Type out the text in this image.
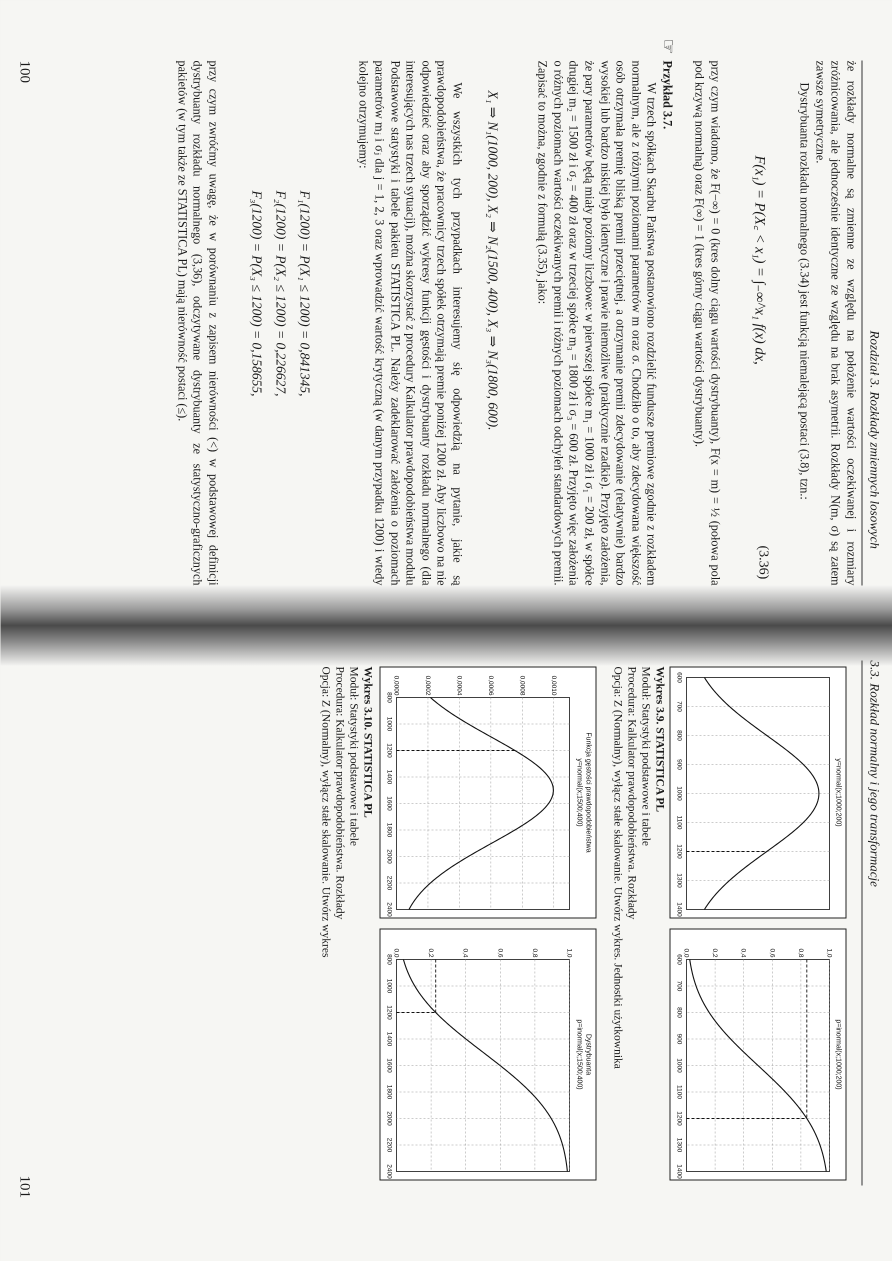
Rozdział 3. Rozkłady zmiennych losowych

że rozkłady normalne są zmienne ze względu na położenie wartości oczekiwanej i rozmiary zróżnicowania, ale jednocześnie identyczne ze względu na brak asymetrii. Rozkłady N(m, σ) są zatem zawsze symetryczne.

Dystrybuanta rozkładu normalnego (3.34) jest funkcją niemalejącą postaci (3.8), tzn.:

F(x₁) = P(X꜀ < x₁) = ∫₋∞^x₁ f(x) dx,
(3.36)

przy czym wiadomo, że F(−∞) = 0 (kres dolny ciągu wartości dystrybuanty), F(x = m) = ½ (połowa pola pod krzywą normalną) oraz F(∞) = 1 (kres górny ciągu wartości dystrybuanty).

☞

Przykład 3.7.

W trzech spółkach Skarbu Państwa postanowiono rozdzielić fundusze premiowe zgodnie z rozkładem normalnym, ale z różnymi poziomami parametrów m oraz σ. Chodziło o to, aby zdecydowana większość osób otrzymała premię bliską premii przeciętnej, a otrzymanie premii zdecydowanie (relatywnie) bardzo wysokiej lub bardzo niskiej było identyczne i prawie niemożliwe (praktycznie rzadkie). Przyjęto założenia, że pary parametrów będą miały poziomy liczbowe: w pierwszej spółce m₁ = 1000 zł i σ₁ = 200 zł, w spółce drugiej m₂ = 1500 zł i σ₂ = 400 zł oraz w trzeciej spółce m₃ = 1800 zł i σ₃ = 600 zł. Przyjęto więc założenia o różnych poziomach wartości oczekiwanych premii i różnych poziomach odchyleń standardowych premii. Zapisać to można, zgodnie z formułą (3.35), jako:

X₁ ⇒ N₁(1000, 200), X₂ ⇒ N₂(1500, 400), X₃ ⇒ N₃(1800, 600).

We wszystkich tych przypadkach interesujemy się odpowiedzią na pytanie, jakie są prawdopodobieństwa, że pracownicy trzech spółek otrzymają premie poniżej 1200 zł. Aby liczbowo na nie odpowiedzieć oraz aby sporządzić wykresy funkcji gęstości i dystrybuanty rozkładu normalnego (dla interesujących nas trzech sytuacji), można skorzystać z procedury Kalkulator prawdopodobieństwa modułu Podstawowe statystyki i tabele pakietu STATISTICA PL. Należy zadeklarować założenia o poziomach parametrów mⱼ i σⱼ dla j = 1, 2, 3 oraz wprowadzić wartość krytyczną (w danym przypadku 1200) i wtedy kolejno otrzymujemy:

F₁(1200) = P(X₁ ≤ 1200) = 0,841345,
F₂(1200) = P(X₂ ≤ 1200) = 0,226627,
F₃(1200) = P(X₃ ≤ 1200) = 0,158655,

przy czym zwróćmy uwagę, że w porównaniu z zapisem nierówności (<) w podstawowej definicji dystrybuanty rozkładu normalnego (3,36), odczytywane dystrybuanty ze statystyczno-graficznych pakietów (w tym także ze STATISTICA PL) mają nierówność postaci (≤).

100
3.3. Rozkład normalny i jego transformacje
y=normal(x;1000;200)
600
700
800
900
1000
1100
1200
1300
1400
p=inormal(x;1000;200)
600
700
800
900
1000
1100
1200
1300
1400
0,0	0,2	0,4	0,6	0,8	1,0
Wykres 3.9. STATISTICA PL
Moduł: Statystyki podstawowe i tabele
Procedura: Kalkulator prawdopodobieństwa. Rozkłady
Opcja: Z (Normalny), wyłącz stałe skalowanie. Utwórz wykres. Jednostki użytkownika
Funkcja gęstości prawdopodobieństwa
y=normal(x;1500;400)
800
1000
1200
1400
1600
1800
2000
2200
2400
0,0000	0,0002	0,0004	0,0006	0,0008	0,0010
Dystrybuanta
p=inormal(x;1500;400)
800
1000
1200
1400
1600
1800
2000
2200
2400
0,0	0,2	0,4	0,6	0,8	1,0
Wykres 3.10. STATISTICA PL
Moduł: Statystyki podstawowe i tabele
Procedura: Kalkulator prawdopodobieństwa. Rozkłady
Opcja: Z (Normalny), wyłącz stałe skalowanie. Utwórz wykres
101
